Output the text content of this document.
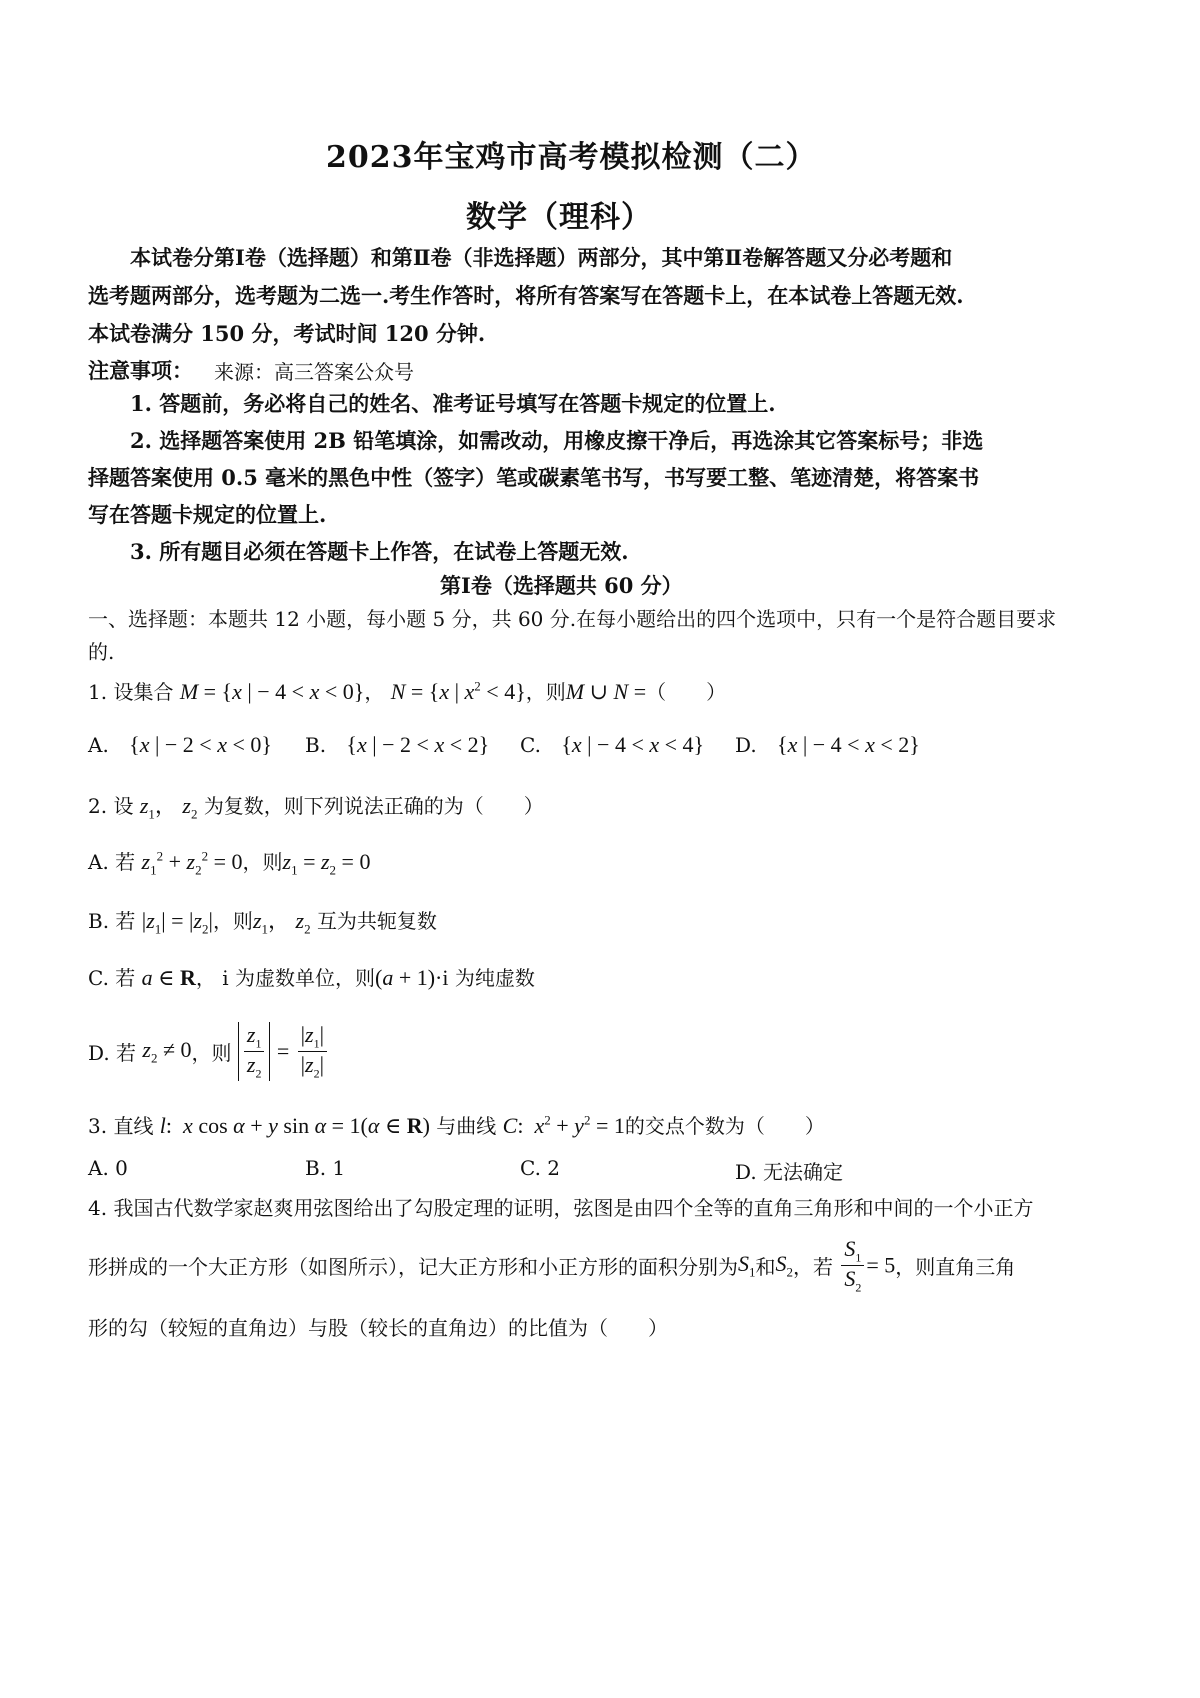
2023年宝鸡市高考模拟检测（二）
数学（理科）
本试卷分第Ⅰ卷（选择题）和第Ⅱ卷（非选择题）两部分，其中第Ⅱ卷解答题又分必考题和
选考题两部分，选考题为二选一.考生作答时，将所有答案写在答题卡上，在本试卷上答题无效.
本试卷满分 150 分，考试时间 120 分钟.
注意事项： 来源：高三答案公众号
1. 答题前，务必将自己的姓名、准考证号填写在答题卡规定的位置上.
2. 选择题答案使用 2B 铅笔填涂，如需改动，用橡皮擦干净后，再选涂其它答案标号；非选
择题答案使用 0.5 毫米的黑色中性（签字）笔或碳素笔书写，书写要工整、笔迹清楚，将答案书
写在答题卡规定的位置上.
3. 所有题目必须在答题卡上作答，在试卷上答题无效.
第Ⅰ卷（选择题共 60 分）
一、选择题：本题共 12 小题，每小题 5 分，共 60 分.在每小题给出的四个选项中，只有一个是符合题目要求
的.
1. 设集合 M = {x | − 4 < x < 0}， N = {x | $x^2 < 4$}，则M ∪ N =（　　）
A. {x | − 2 < x < 0} B. {x | − 2 < x < 2} C. {x | − 4 < x < 4} D. {x | − 4 < x < 2}
2. 设 $z_1$， $z_2$ 为复数，则下列说法正确的为（　　）
A. 若 $z_1^2 + z_2^2 = 0$，则$z_1 = z_2 = 0$
B. 若 $|z_1| = |z_2|$，则$z_1$， $z_2$ 互为共轭复数
C. 若 a ∈ R， i 为虚数单位，则(a + 1)·i 为纯虚数
D. 若 $z_2 \ne 0$，则 $\frac{z_1}{z_2} = \frac{|z_1|}{|z_2|}$
3. 直线 l:  x cos α + y sin α = 1(α ∈ R) 与曲线 C:  $x^2 + y^2 = 1$的交点个数为（　　）
A. 0	B. 1	C. 2	D. 无法确定
4. 我国古代数学家赵爽用弦图给出了勾股定理的证明，弦图是由四个全等的直角三角形和中间的一个小正方
形拼成的一个大正方形（如图所示），记大正方形和小正方形的面积分别为$S_1$和$S_2$，若 $\frac{S_1}{S_2} = 5$，则直角三角
形的勾（较短的直角边）与股（较长的直角边）的比值为（　　）
